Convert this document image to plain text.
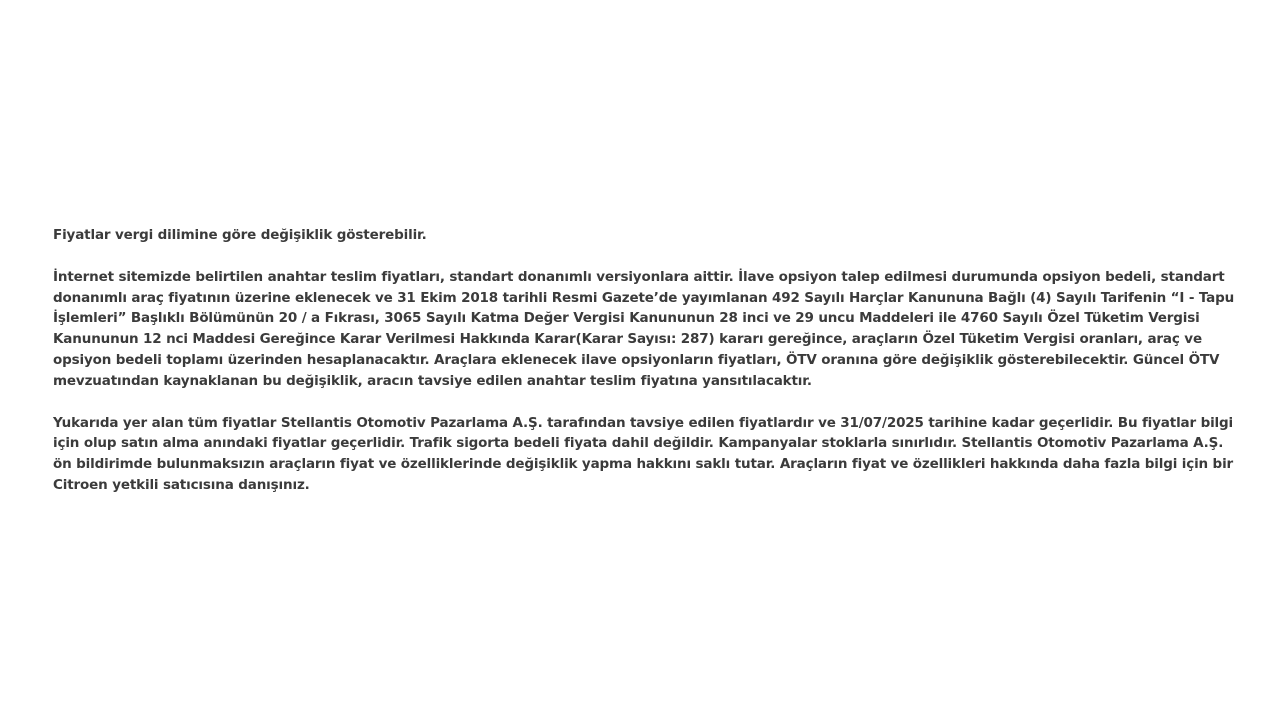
Fiyatlar vergi dilimine göre değişiklik gösterebilir.

İnternet sitemizde belirtilen anahtar teslim fiyatları, standart donanımlı versiyonlara aittir. İlave opsiyon talep edilmesi durumunda opsiyon bedeli, standart donanımlı araç fiyatının üzerine eklenecek ve 31 Ekim 2018 tarihli Resmi Gazete’de yayımlanan 492 Sayılı Harçlar Kanununa Bağlı (4) Sayılı Tarifenin “I - Tapu İşlemleri” Başlıklı Bölümünün 20 / a Fıkrası, 3065 Sayılı Katma Değer Vergisi Kanununun 28 inci ve 29 uncu Maddeleri ile 4760 Sayılı Özel Tüketim Vergisi Kanununun 12 nci Maddesi Gereğince Karar Verilmesi Hakkında Karar(Karar Sayısı: 287) kararı gereğince, araçların Özel Tüketim Vergisi oranları, araç ve opsiyon bedeli toplamı üzerinden hesaplanacaktır. Araçlara eklenecek ilave opsiyonların fiyatları, ÖTV oranına göre değişiklik gösterebilecektir. Güncel ÖTV mevzuatından kaynaklanan bu değişiklik, aracın tavsiye edilen anahtar teslim fiyatına yansıtılacaktır.

Yukarıda yer alan tüm fiyatlar Stellantis Otomotiv Pazarlama A.Ş. tarafından tavsiye edilen fiyatlardır ve 31/07/2025 tarihine kadar geçerlidir. Bu fiyatlar bilgi için olup satın alma anındaki fiyatlar geçerlidir. Trafik sigorta bedeli fiyata dahil değildir. Kampanyalar stoklarla sınırlıdır. Stellantis Otomotiv Pazarlama A.Ş. ön bildirimde bulunmaksızın araçların fiyat ve özelliklerinde değişiklik yapma hakkını saklı tutar. Araçların fiyat ve özellikleri hakkında daha fazla bilgi için bir Citroen yetkili satıcısına danışınız.
